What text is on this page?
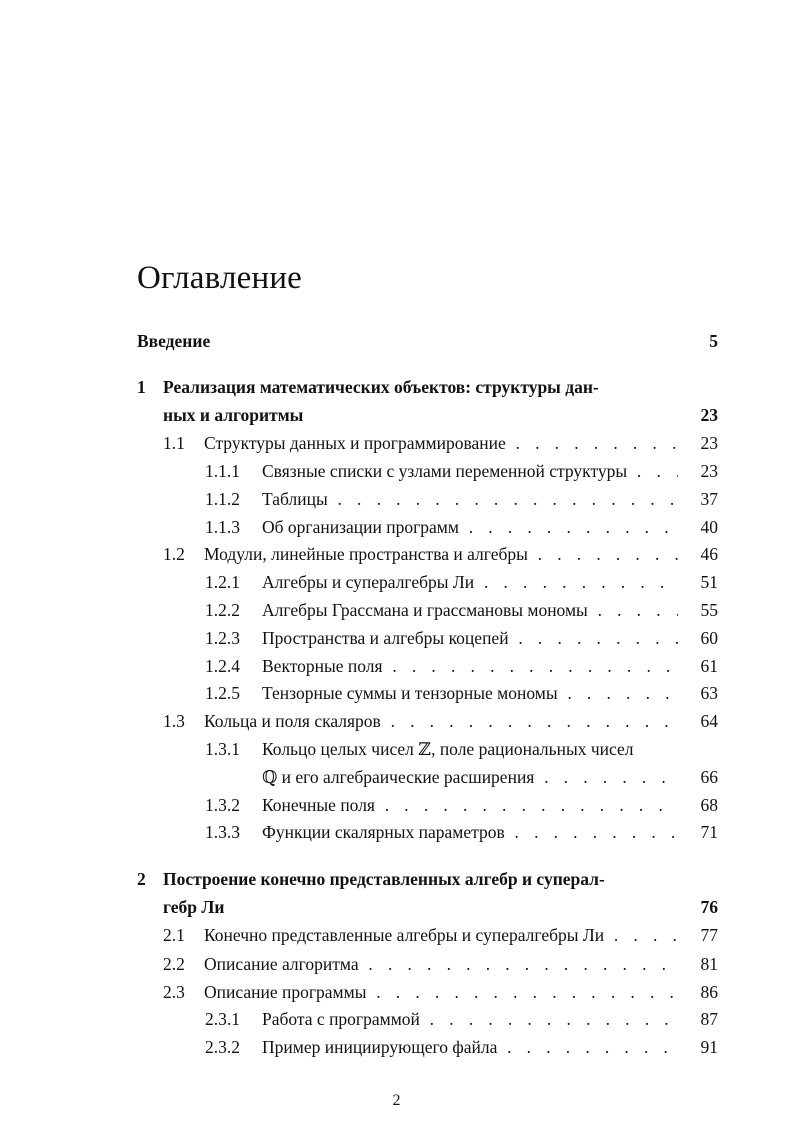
Оглавление
Введение	5
1 Реализация математических объектов: структуры дан-
ных и алгоритмы	23
1.1 Структуры данных и программирование . . .	23
1.1.1 Связные списки с узлами переменной структуры . . .	23
1.1.2 Таблицы . . .	37
1.1.3 Об организации программ . . .	40
1.2 Модули, линейные пространства и алгебры . . .	46
1.2.1 Алгебры и супералгебры Ли . . .	51
1.2.2 Алгебры Грассмана и грассмановы мономы . . .	55
1.2.3 Пространства и алгебры коцепей . . .	60
1.2.4 Векторные поля . . .	61
1.2.5 Тензорные суммы и тензорные мономы . . .	63
1.3 Кольца и поля скаляров . . .	64
1.3.1 Кольцо целых чисел ℤ, поле рациональных чисел
ℚ и его алгебраические расширения . . .	66
1.3.2 Конечные поля . . .	68
1.3.3 Функции скалярных параметров . . .	71
2 Построение конечно представленных алгебр и суперал-
гебр Ли	76
2.1 Конечно представленные алгебры и супералгебры Ли . . .	77
2.2 Описание алгоритма . . .	81
2.3 Описание программы . . .	86
2.3.1 Работа с программой . . .	87
2.3.2 Пример инициирующего файла . . .	91
2
